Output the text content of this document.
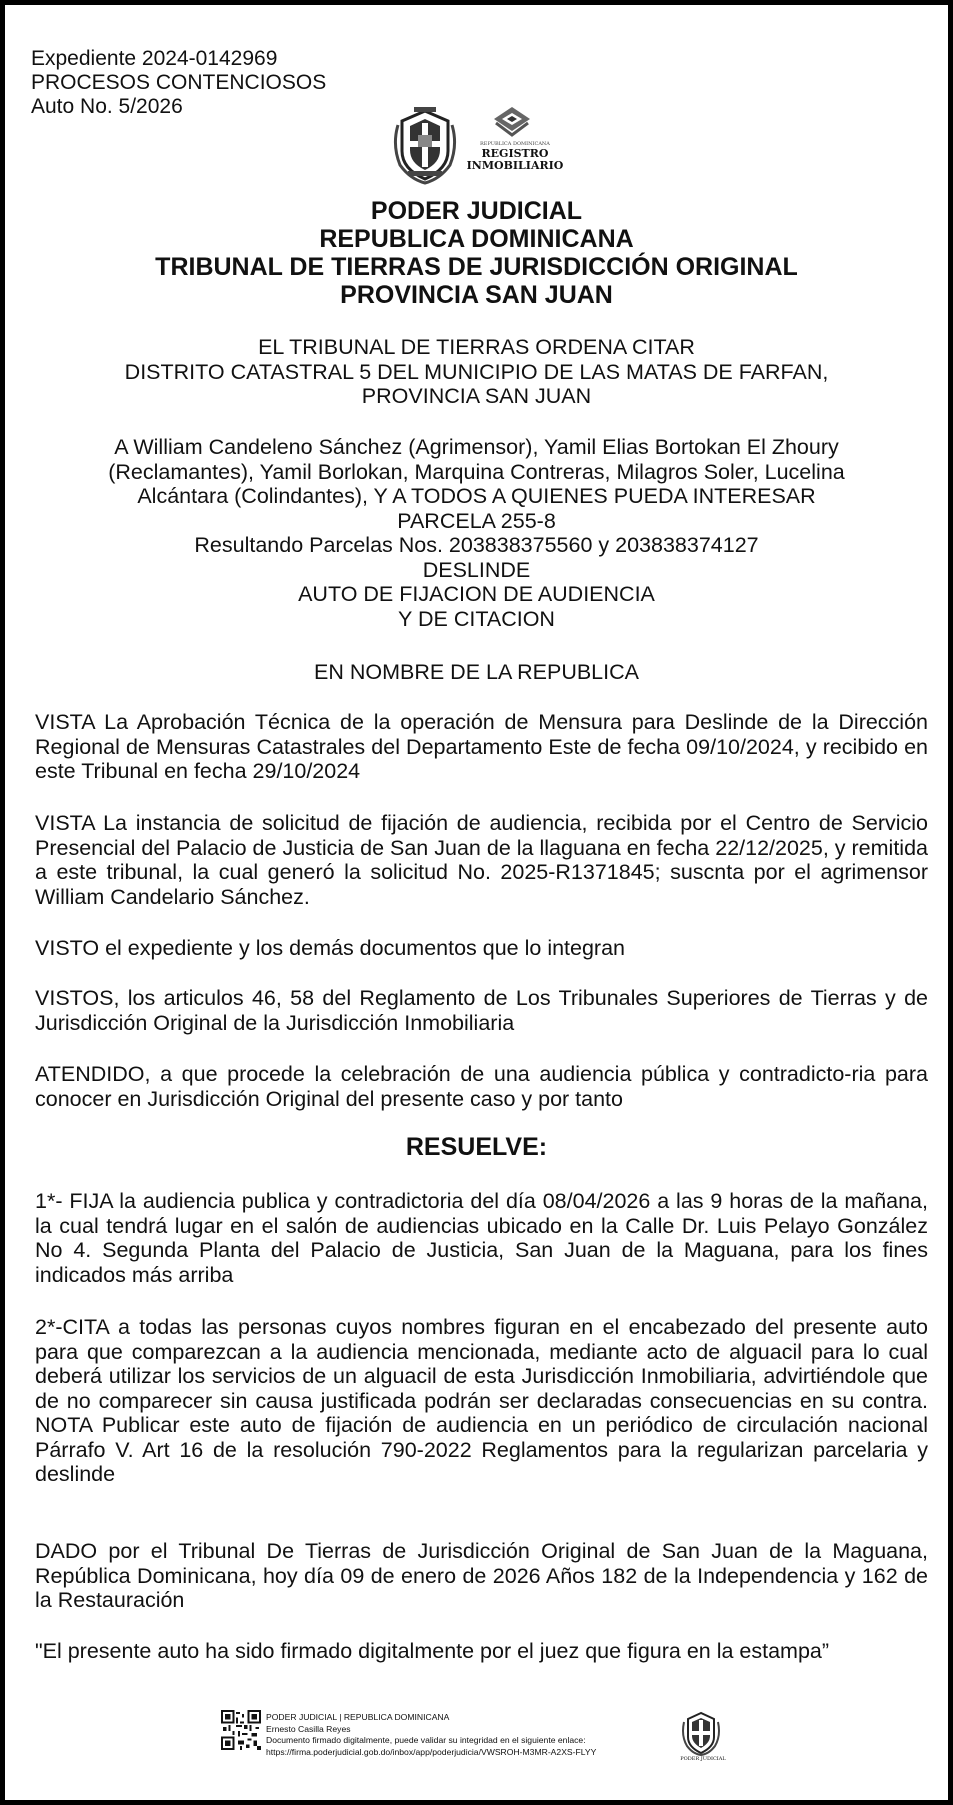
Expediente 2024-0142969
PROCESOS CONTENCIOSOS
Auto No. 5/2026
REPUBLICA DOMINICANA
REGISTRO
INMOBILIARIO
PODER JUDICIAL
REPUBLICA DOMINICANA
TRIBUNAL DE TIERRAS DE JURISDICCIÓN ORIGINAL
PROVINCIA SAN JUAN
EL TRIBUNAL DE TIERRAS ORDENA CITAR
DISTRITO CATASTRAL 5 DEL MUNICIPIO DE LAS MATAS DE FARFAN,
PROVINCIA SAN JUAN
A William Candeleno Sánchez (Agrimensor), Yamil Elias Bortokan El Zhoury
(Reclamantes), Yamil Borlokan, Marquina Contreras, Milagros Soler, Lucelina
Alcántara (Colindantes), Y A TODOS A QUIENES PUEDA INTERESAR
PARCELA 255-8
Resultando Parcelas Nos. 203838375560 y 203838374127
DESLINDE
AUTO DE FIJACION DE AUDIENCIA
Y DE CITACION
EN NOMBRE DE LA REPUBLICA
VISTA La Aprobación Técnica de la operación de Mensura para Deslinde de la Dirección Regional de Mensuras Catastrales del Departamento Este de fecha 09/10/2024, y recibido en este Tribunal en fecha 29/10/2024
VISTA La instancia de solicitud de fijación de audiencia, recibida por el Centro de Servicio Presencial del Palacio de Justicia de San Juan de la llaguana en fecha 22/12/2025, y remitida a este tribunal, la cual generó la solicitud No. 2025-R1371845; suscnta por el agrimensor William Candelario Sánchez.
VISTO el expediente y los demás documentos que lo integran
VISTOS, los articulos 46, 58 del Reglamento de Los Tribunales Superiores de Tierras y de Jurisdicción Original de la Jurisdicción Inmobiliaria
ATENDIDO, a que procede la celebración de una audiencia pública y contradicto-ria para conocer en Jurisdicción Original del presente caso y por tanto
RESUELVE:
1*- FIJA la audiencia publica y contradictoria del día 08/04/2026 a las 9 horas de la mañana, la cual tendrá lugar en el salón de audiencias ubicado en la Calle Dr. Luis Pelayo González No 4. Segunda Planta del Palacio de Justicia, San Juan de la Maguana, para los fines indicados más arriba
2*-CITA a todas las personas cuyos nombres figuran en el encabezado del presente auto para que comparezcan a la audiencia mencionada, mediante acto de alguacil para lo cual deberá utilizar los servicios de un alguacil de esta Jurisdicción Inmobiliaria, advirtiéndole que de no comparecer sin causa justificada podrán ser declaradas consecuencias en su contra. NOTA Publicar este auto de fijación de audiencia en un periódico de circulación nacional Párrafo V. Art 16 de la resolución 790-2022 Reglamentos para la regularizan parcelaria y deslinde
DADO por el Tribunal De Tierras de Jurisdicción Original de San Juan de la Maguana, República Dominicana, hoy día 09 de enero de 2026 Años 182 de la Independencia y 162 de la Restauración
"El presente auto ha sido firmado digitalmente por el juez que figura en la estampa”
PODER JUDICIAL | REPUBLICA DOMINICANA
Ernesto Casilla Reyes
Documento firmado digitalmente, puede validar su integridad en el siguiente enlace:
https://firma.poderjudicial.gob.do/inbox/app/poderjudicia/VWSROH-M3MR-A2XS-FLYY
PODER JUDICIAL
